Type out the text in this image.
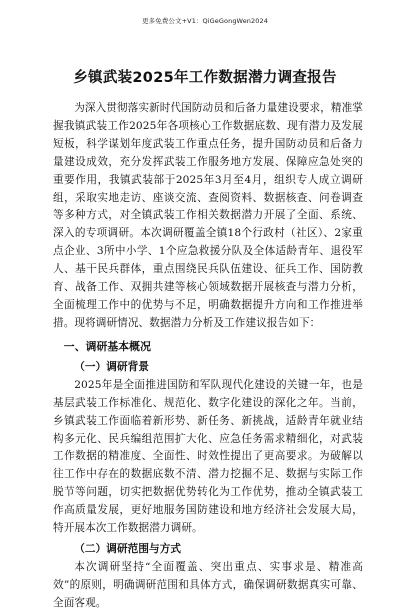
更多免费公文+V1：QiGeGongWen2024
乡镇武装2025年工作数据潜力调查报告

为深入贯彻落实新时代国防动员和后备力量建设要求，精准掌握我镇武装工作2025年各项核心工作数据底数、现有潜力及发展短板，科学谋划年度武装工作重点任务，提升国防动员和后备力量建设成效，充分发挥武装工作服务地方发展、保障应急处突的重要作用，我镇武装部于2025年3月至4月，组织专人成立调研组，采取实地走访、座谈交流、查阅资料、数据核查、问卷调查等多种方式，对全镇武装工作相关数据潜力开展了全面、系统、深入的专项调研。本次调研覆盖全镇18个行政村（社区）、2家重点企业、3所中小学、1个应急救援分队及全体适龄青年、退役军人、基干民兵群体，重点围绕民兵队伍建设、征兵工作、国防教育、战备工作、双拥共建等核心领域数据开展核查与潜力分析，全面梳理工作中的优势与不足，明确数据提升方向和工作推进举措。现将调研情况、数据潜力分析及工作建议报告如下：

一、调研基本概况

（一）调研背景

2025年是全面推进国防和军队现代化建设的关键一年，也是基层武装工作标准化、规范化、数字化建设的深化之年。当前，乡镇武装工作面临着新形势、新任务、新挑战，适龄青年就业结构多元化、民兵编组范围扩大化、应急任务需求精细化，对武装工作数据的精准度、全面性、时效性提出了更高要求。为破解以往工作中存在的数据底数不清、潜力挖掘不足、数据与实际工作脱节等问题，切实把数据优势转化为工作优势，推动全镇武装工作高质量发展，更好地服务国防建设和地方经济社会发展大局，特开展本次工作数据潜力调研。

（二）调研范围与方式

本次调研坚持“全面覆盖、突出重点、实事求是、精准高效”的原则，明确调研范围和具体方式，确保调研数据真实可靠、全面客观。
